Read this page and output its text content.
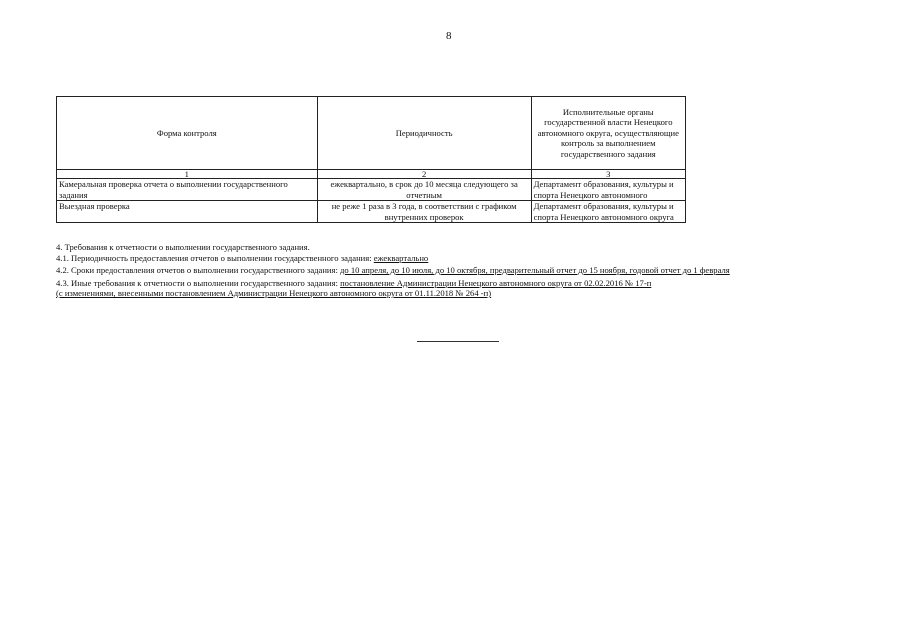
8
Форма контроля	Периодичность	Исполнительные органы государственной власти Ненецкого автономного округа, осуществляющие контроль за выполнением государственного задания
1	2	3
Камеральная проверка отчета о выполнении государственного задания	ежеквартально, в срок до 10 месяца следующего за отчетным	Департамент образования, культуры и спорта Ненецкого автономного
Выездная проверка	не реже 1 раза в 3 года, в соответствии с графиком внутренних проверок	Департамент образования, культуры и спорта Ненецкого автономного округа

4. Требования к отчетности о выполнении государственного задания.

4.1. Периодичность предоставления отчетов о выполнении государственного задания: ежеквартально

4.2. Сроки предоставления отчетов о выполнении государственного задания: до 10 апреля, до 10 июля, до 10 октября, предварительный отчет до 15 ноября, годовой отчет до 1 февраля

4.3. Иные требования к отчетности о выполнении государственного задания: постановление Администрации Ненецкого автономного округа от 02.02.2016 № 17-п

(с изменениями, внесенными постановлением Администрации Ненецкого автономного округа от 01.11.2018 № 264 -п)
